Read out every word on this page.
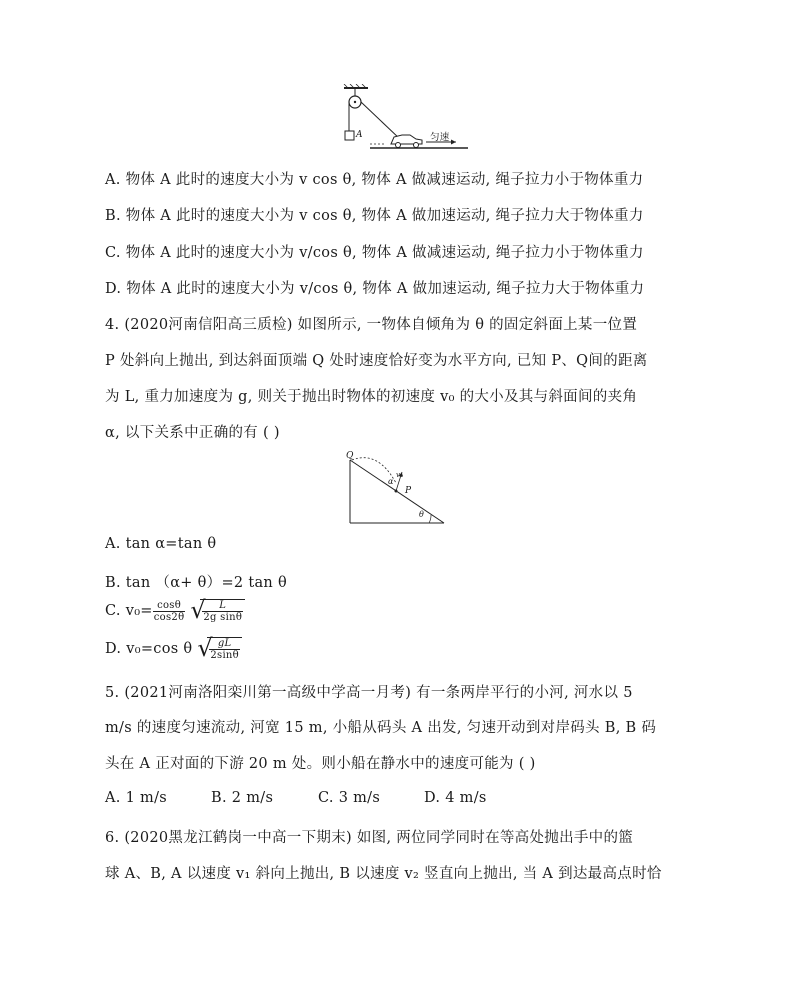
A	匀速
A. 物体 A 此时的速度大小为 v cos θ, 物体 A 做减速运动, 绳子拉力小于物体重力
B. 物体 A 此时的速度大小为 v cos θ, 物体 A 做加速运动, 绳子拉力大于物体重力
C. 物体 A 此时的速度大小为 v/cos θ, 物体 A 做减速运动, 绳子拉力小于物体重力
D. 物体 A 此时的速度大小为 v/cos θ, 物体 A 做加速运动, 绳子拉力大于物体重力
4. (2020河南信阳高三质检) 如图所示, 一物体自倾角为 θ 的固定斜面上某一位置
P 处斜向上抛出, 到达斜面顶端 Q 处时速度恰好变为水平方向, 已知 P、Q间的距离
为 L, 重力加速度为 g, 则关于抛出时物体的初速度 v₀ 的大小及其与斜面间的夹角
α, 以下关系中正确的有 ( )
Q
P
v₀
α
θ
A. tan α=tan θ
B. tan （α+ θ）=2 tan θ
C. $v_0= \frac{\cos\theta}{\cos 2\theta}$
√
$\frac{L}{\text{2g sinθ}}$
D. v₀=cos θ √
$\frac{gL}{2\sin\theta}$
5. (2021河南洛阳栾川第一高级中学高一月考) 有一条两岸平行的小河, 河水以 5
m/s 的速度匀速流动, 河宽 15 m, 小船从码头 A 出发, 匀速开动到对岸码头 B, B 码
头在 A 正对面的下游 20 m 处。则小船在静水中的速度可能为 ( )
A. 1 m/s	B. 2 m/s	C. 3 m/s	D. 4 m/s
6. (2020黑龙江鹤岗一中高一下期末) 如图, 两位同学同时在等高处抛出手中的篮
球 A、B, A 以速度 v₁ 斜向上抛出, B 以速度 v₂ 竖直向上抛出, 当 A 到达最高点时恰
